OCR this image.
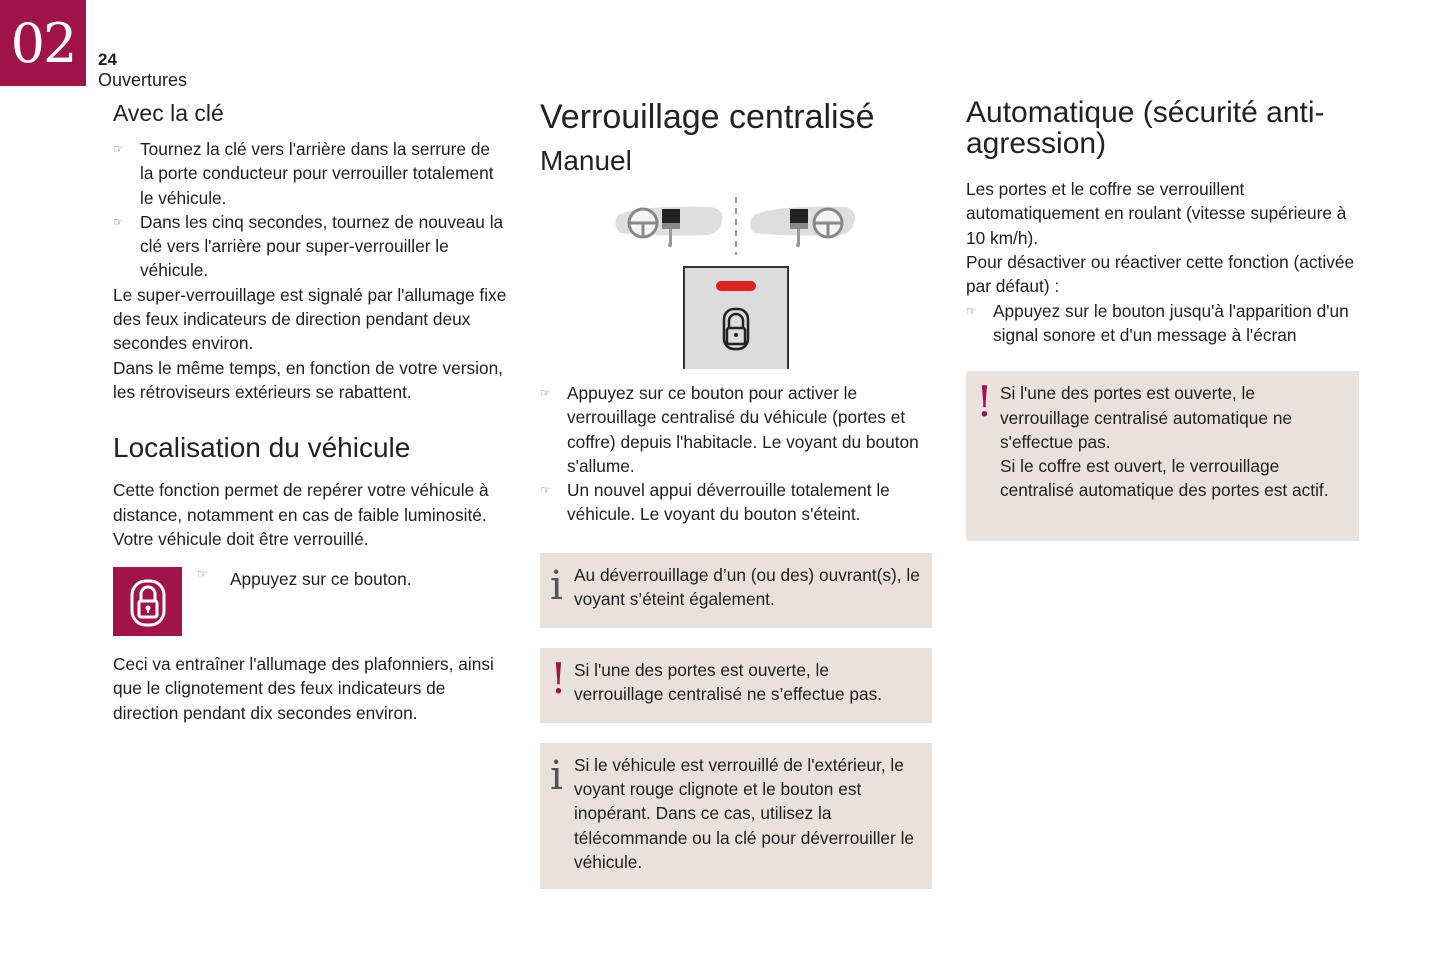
02	24
Ouvertures
Avec la clé
☞ Tournez la clé vers l'arrière dans la serrure de la porte conducteur pour verrouiller totalement le véhicule.
☞ Dans les cinq secondes, tournez de nouveau la clé vers l'arrière pour super-verrouiller le véhicule.

Le super-verrouillage est signalé par l'allumage fixe des feux indicateurs de direction pendant deux secondes environ.

Dans le même temps, en fonction de votre version, les rétroviseurs extérieurs se rabattent.

Localisation du véhicule

Cette fonction permet de repérer votre véhicule à distance, notamment en cas de faible luminosité. Votre véhicule doit être verrouillé.

☞ Appuyez sur ce bouton.

Ceci va entraîner l'allumage des plafonniers, ainsi que le clignotement des feux indicateurs de direction pendant dix secondes environ.

Verrouillage centralisé
Manuel
☞ Appuyez sur ce bouton pour activer le verrouillage centralisé du véhicule (portes et coffre) depuis l'habitacle. Le voyant du bouton s'allume.
☞ Un nouvel appui déverrouille totalement le véhicule. Le voyant du bouton s'éteint.
i Au déverrouillage d’un (ou des) ouvrant(s), le voyant s’éteint également.

! Si l'une des portes est ouverte, le verrouillage centralisé ne s’effectue pas.

i Si le véhicule est verrouillé de l'extérieur, le voyant rouge clignote et le bouton est inopérant. Dans ce cas, utilisez la télécommande ou la clé pour déverrouiller le véhicule.

Automatique (sécurité anti-agression)

Les portes et le coffre se verrouillent automatiquement en roulant (vitesse supérieure à 10 km/h).

Pour désactiver ou réactiver cette fonction (activée par défaut) :

☞ Appuyez sur le bouton jusqu'à l'apparition d'un signal sonore et d'un message à l'écran
! Si l'une des portes est ouverte, le verrouillage centralisé automatique ne s'effectue pas.

Si le coffre est ouvert, le verrouillage centralisé automatique des portes est actif.
